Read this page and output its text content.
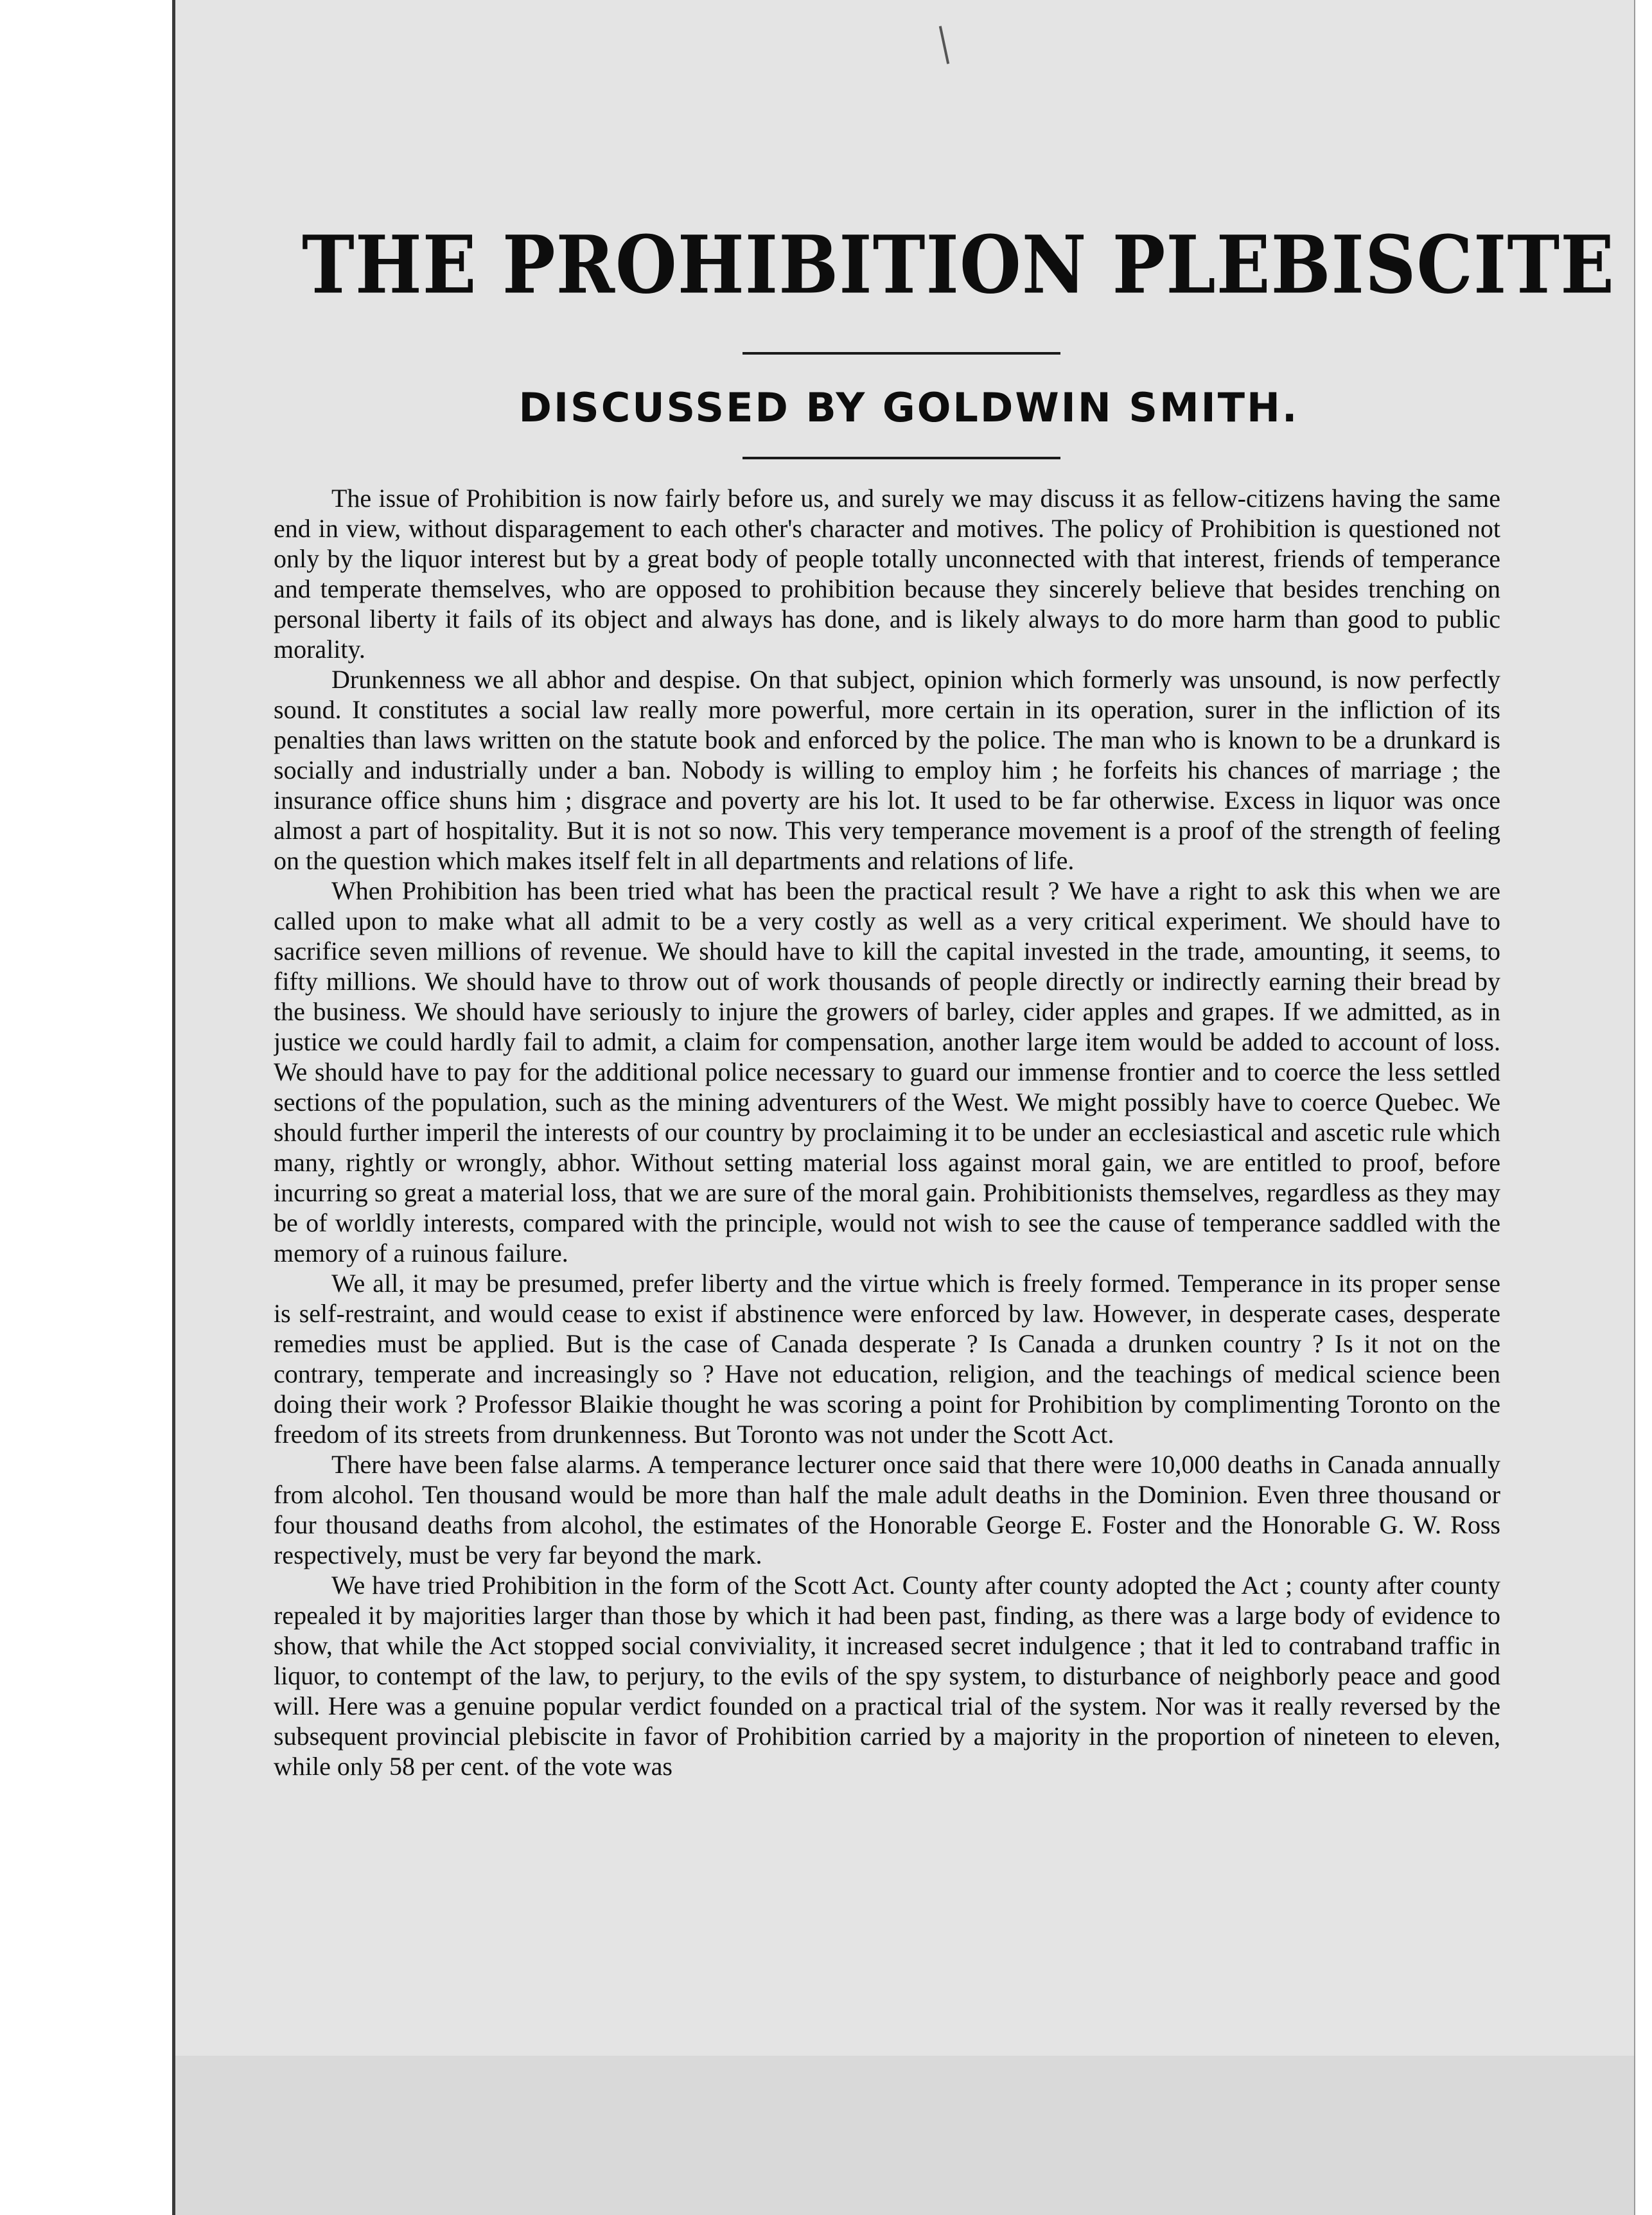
THE PROHIBITION PLEBISCITE
DISCUSSED BY GOLDWIN SMITH.

The issue of Prohibition is now fairly before us, and surely we may discuss it as fellow-citizens having the same end in view, without disparagement to each other's character and motives. The policy of Prohibition is questioned not only by the liquor interest but by a great body of people totally unconnected with that interest, friends of temperance and temperate themselves, who are opposed to prohibition because they sincerely believe that besides trenching on personal liberty it fails of its object and always has done, and is likely always to do more harm than good to public morality.

Drunkenness we all abhor and despise. On that subject, opinion which formerly was unsound, is now perfectly sound. It constitutes a social law really more powerful, more certain in its operation, surer in the infliction of its penalties than laws written on the statute book and enforced by the police. The man who is known to be a drunkard is socially and industrially under a ban. Nobody is willing to employ him ; he forfeits his chances of marriage ; the insurance office shuns him ; disgrace and poverty are his lot. It used to be far otherwise. Excess in liquor was once almost a part of hospitality. But it is not so now. This very temperance movement is a proof of the strength of feeling on the question which makes itself felt in all departments and relations of life.

When Prohibition has been tried what has been the practical result ? We have a right to ask this when we are called upon to make what all admit to be a very costly as well as a very critical experiment. We should have to sacrifice seven millions of revenue. We should have to kill the capital invested in the trade, amounting, it seems, to fifty millions. We should have to throw out of work thousands of people directly or indirectly earning their bread by the business. We should have seriously to injure the growers of barley, cider apples and grapes. If we admitted, as in justice we could hardly fail to admit, a claim for compensation, another large item would be added to account of loss. We should have to pay for the additional police necessary to guard our immense frontier and to coerce the less settled sections of the population, such as the mining adventurers of the West. We might possibly have to coerce Quebec. We should further imperil the interests of our country by proclaiming it to be under an ecclesiastical and ascetic rule which many, rightly or wrongly, abhor. Without setting material loss against moral gain, we are entitled to proof, before incurring so great a material loss, that we are sure of the moral gain. Prohibitionists themselves, regardless as they may be of worldly interests, compared with the principle, would not wish to see the cause of temperance saddled with the memory of a ruinous failure.

We all, it may be presumed, prefer liberty and the virtue which is freely formed. Temperance in its proper sense is self-restraint, and would cease to exist if abstinence were enforced by law. However, in desperate cases, desperate remedies must be applied. But is the case of Canada desperate ? Is Canada a drunken country ? Is it not on the contrary, temperate and increasingly so ? Have not education, religion, and the teachings of medical science been doing their work ? Professor Blaikie thought he was scoring a point for Prohibition by complimenting Toronto on the freedom of its streets from drunkenness. But Toronto was not under the Scott Act.

There have been false alarms. A temperance lecturer once said that there were 10,000 deaths in Canada annually from alcohol. Ten thousand would be more than half the male adult deaths in the Dominion. Even three thousand or four thousand deaths from alcohol, the estimates of the Honorable George E. Foster and the Honorable G. W. Ross respectively, must be very far beyond the mark.

We have tried Prohibition in the form of the Scott Act. County after county adopted the Act ; county after county repealed it by majorities larger than those by which it had been past, finding, as there was a large body of evidence to show, that while the Act stopped social conviviality, it increased secret indulgence ; that it led to contraband traffic in liquor, to contempt of the law, to perjury, to the evils of the spy system, to disturbance of neighborly peace and good will. Here was a genuine popular verdict founded on a practical trial of the system. Nor was it really reversed by the subsequent provincial plebiscite in favor of Prohibition carried by a majority in the proportion of nineteen to eleven, while only 58 per cent. of the vote was
